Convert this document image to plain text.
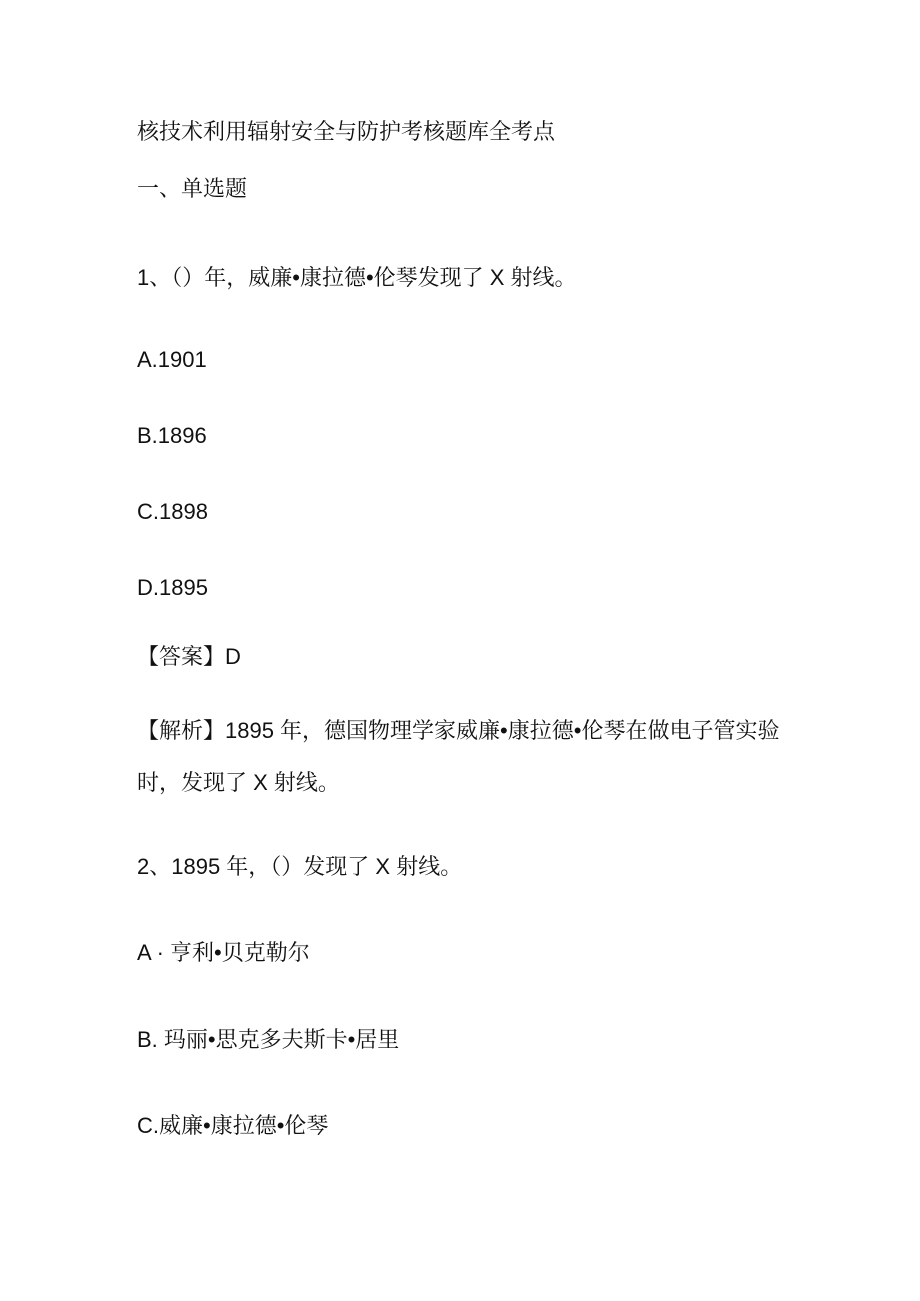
核技术利用辐射安全与防护考核题库全考点
一、单选题
1、（）年，威廉•康拉德•伦琴发现了 X 射线。
A.1901
B.1896
C.1898
D.1895
【答案】D
【解析】1895 年，德国物理学家威廉•康拉德•伦琴在做电子管实验时，发现了 X 射线。
2、1895 年，（）发现了 X 射线。
A · 亨利•贝克勒尔
B. 玛丽•思克多夫斯卡•居里
C.威廉•康拉德•伦琴
